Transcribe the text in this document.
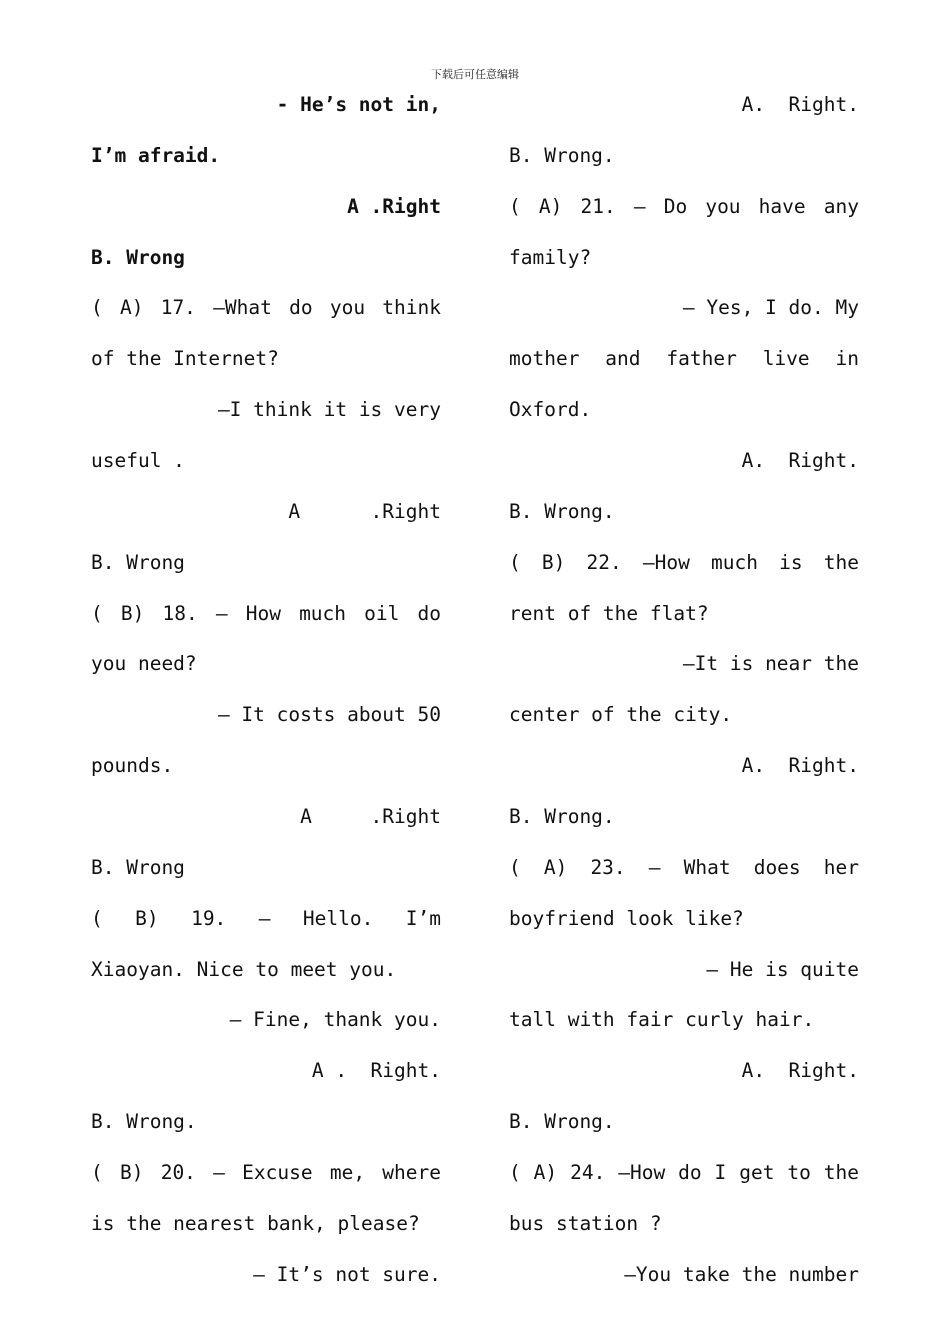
下载后可任意编辑
- He’s not in,
I’m afraid.
A .Right
B. Wrong
( A) 17. –What do you think
of the Internet?
–I think it is very
useful .
A      .Right
B. Wrong
( B) 18. – How much oil do
you need?
– It costs about 50
pounds.
A     .Right
B. Wrong
( B) 19. — Hello. I’m
Xiaoyan. Nice to meet you.
— Fine, thank you.
A .  Right.
B. Wrong.
( B) 20. — Excuse me, where
is the nearest bank, please?
— It’s not sure.
A.  Right.
B. Wrong.
( A) 21. — Do you have any
family?
— Yes, I do. My
mother and father live in
Oxford.
A.  Right.
B. Wrong.
( B) 22. —How much is the
rent of the flat?
—It is near the
center of the city.
A.  Right.
B. Wrong.
( A) 23. — What does her
boyfriend look like?
— He is quite
tall with fair curly hair.
A.  Right.
B. Wrong.
( A) 24. —How do I get to the
bus station ?
—You take the number
